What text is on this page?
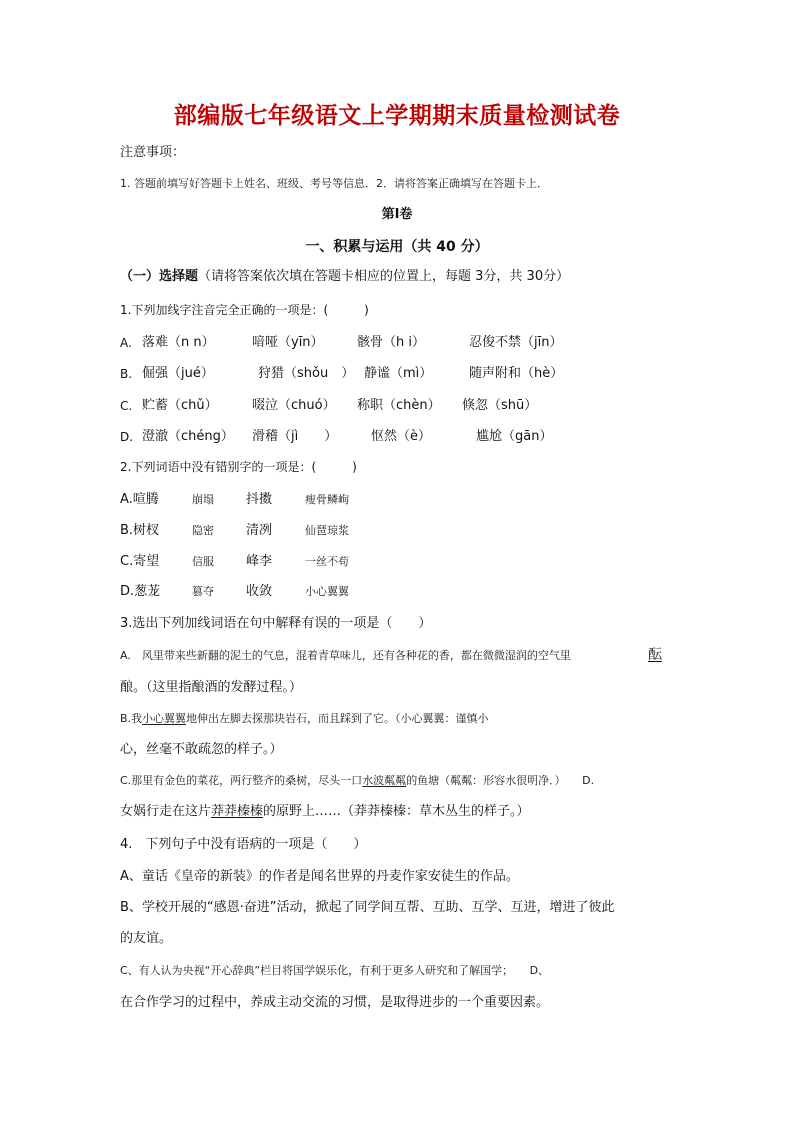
部编版七年级语文上学期期末质量检测试卷
注意事项：
1. 答题前填写好答题卡上姓名、班级、考号等信息．2．请将答案正确填写在答题卡上．
第I卷
一、积累与运用（共 40 分）
（一）选择题（请将答案依次填在答题卡相应的位置上，每题 3分，共 30分）
1.下列加线字注音完全正确的一项是：(　　　)
A. 落难（n n）	喑哑（yīn）	骸骨（h i）	忍俊不禁（jīn）
B. 倔强（jué）	狩猎（shǒu　） 静谧（mì）	随声附和（hè）
C. 贮蓄（chǔ）	啜泣（chuó） 称职（chèn） 倏忽（shū）
D. 澄澈（chéng） 滑稽（jì　　）	怄然（è）	尴尬（gān）
2.下列词语中没有错别字的一项是：(　　　)
A.喧腾	崩塌 抖擞	瘦骨鳞峋
B.树杈	隐密 清冽	仙琶琼浆
C.寄望	信服 峰李	一丝不苟
D.葱茏	篡夺 收敛	小心翼翼
3.选出下列加线词语在句中解释有误的一项是（　　）
A.　风里带来些新翻的泥土的气息，混着青草味儿，还有各种花的香，都在微微湿润的空气里	酝
酿。（这里指酿酒的发酵过程。）
B.我小心翼翼地伸出左脚去探那块岩石，而且踩到了它。（小心翼翼：谨慎小
心，丝毫不敢疏忽的样子。）
C.那里有金色的菜花，两行整齐的桑树，尽头一口水波粼粼的鱼塘（粼粼：形容水很明净．）　　D.
女娲行走在这片莽莽榛榛的原野上……（莽莽榛榛：草木丛生的样子。）
4.　下列句子中没有语病的一项是（　　）
A、童话《皇帝的新装》的作者是闻名世界的丹麦作家安徒生的作品。
B、学校开展的“感恩·奋进”活动，掀起了同学间互帮、互助、互学、互进，增进了彼此
的友谊。
C、有人认为央视“开心辞典”栏目将国学娱乐化，有利于更多人研究和了解国学；　　D、
在合作学习的过程中，养成主动交流的习惯，是取得进步的一个重要因素。
